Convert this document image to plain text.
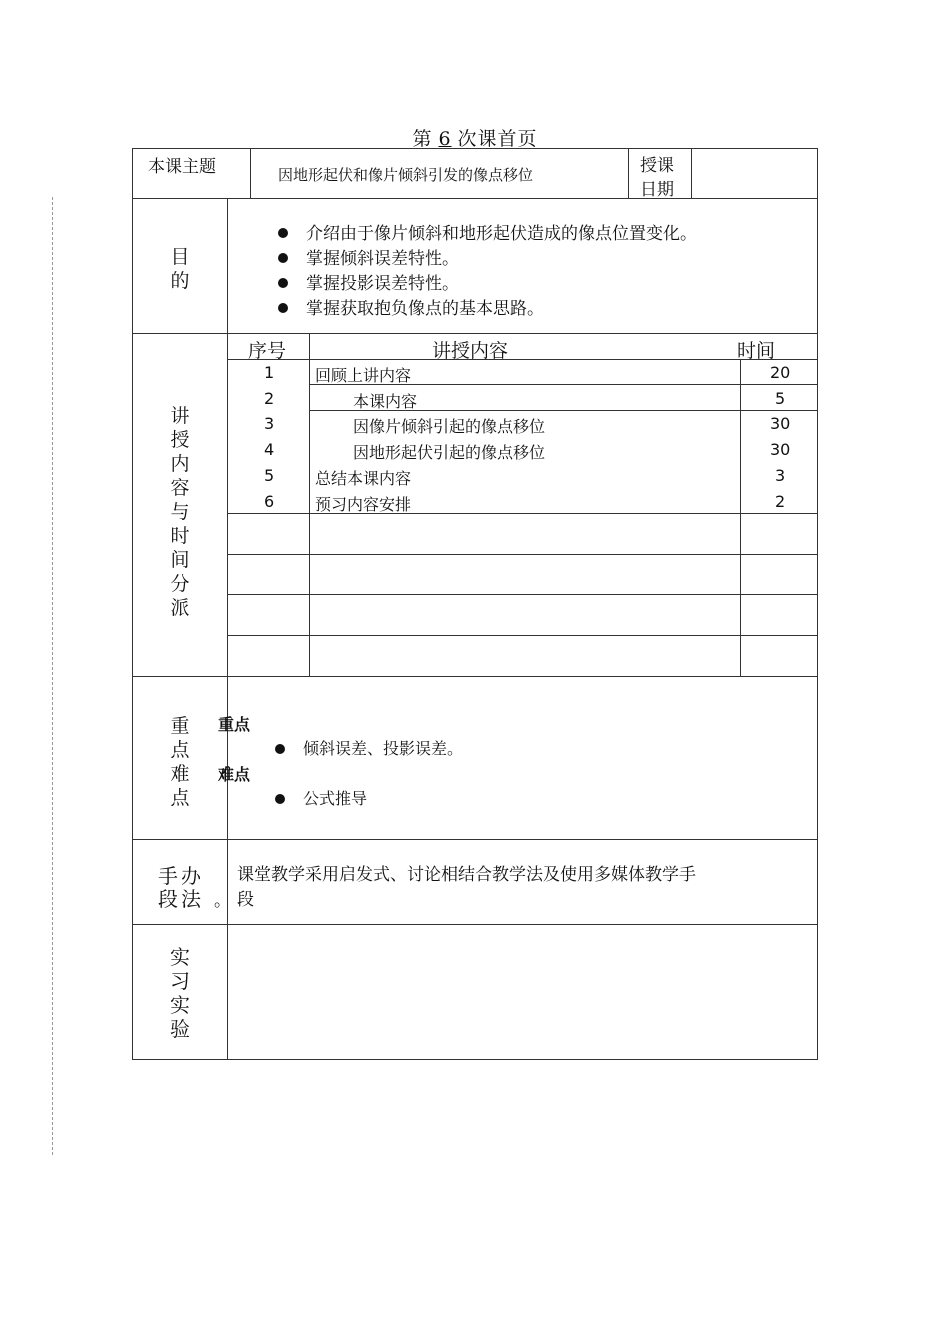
第 6 次课首页
本课主题	因地形起伏和像片倾斜引发的像点移位	授课
日期
目
的
介绍由于像片倾斜和地形起伏造成的像点位置变化。
掌握倾斜误差特性。
掌握投影误差特性。
掌握获取抱负像点的基本思路。
讲
授
内
容
与
时
间
分
派
序号	讲授内容	时间
1	回顾上讲内容	20
2	本课内容	5
3	因像片倾斜引起的像点移位	30
4	因地形起伏引起的像点移位	30
5	总结本课内容	3
6	预习内容安排	2
重
点
难
点
重点
倾斜误差、投影误差。
难点
公式推导
手办
段法 。
课堂教学采用启发式、讨论相结合教学法及使用多媒体教学手
段
实
习
实
验
